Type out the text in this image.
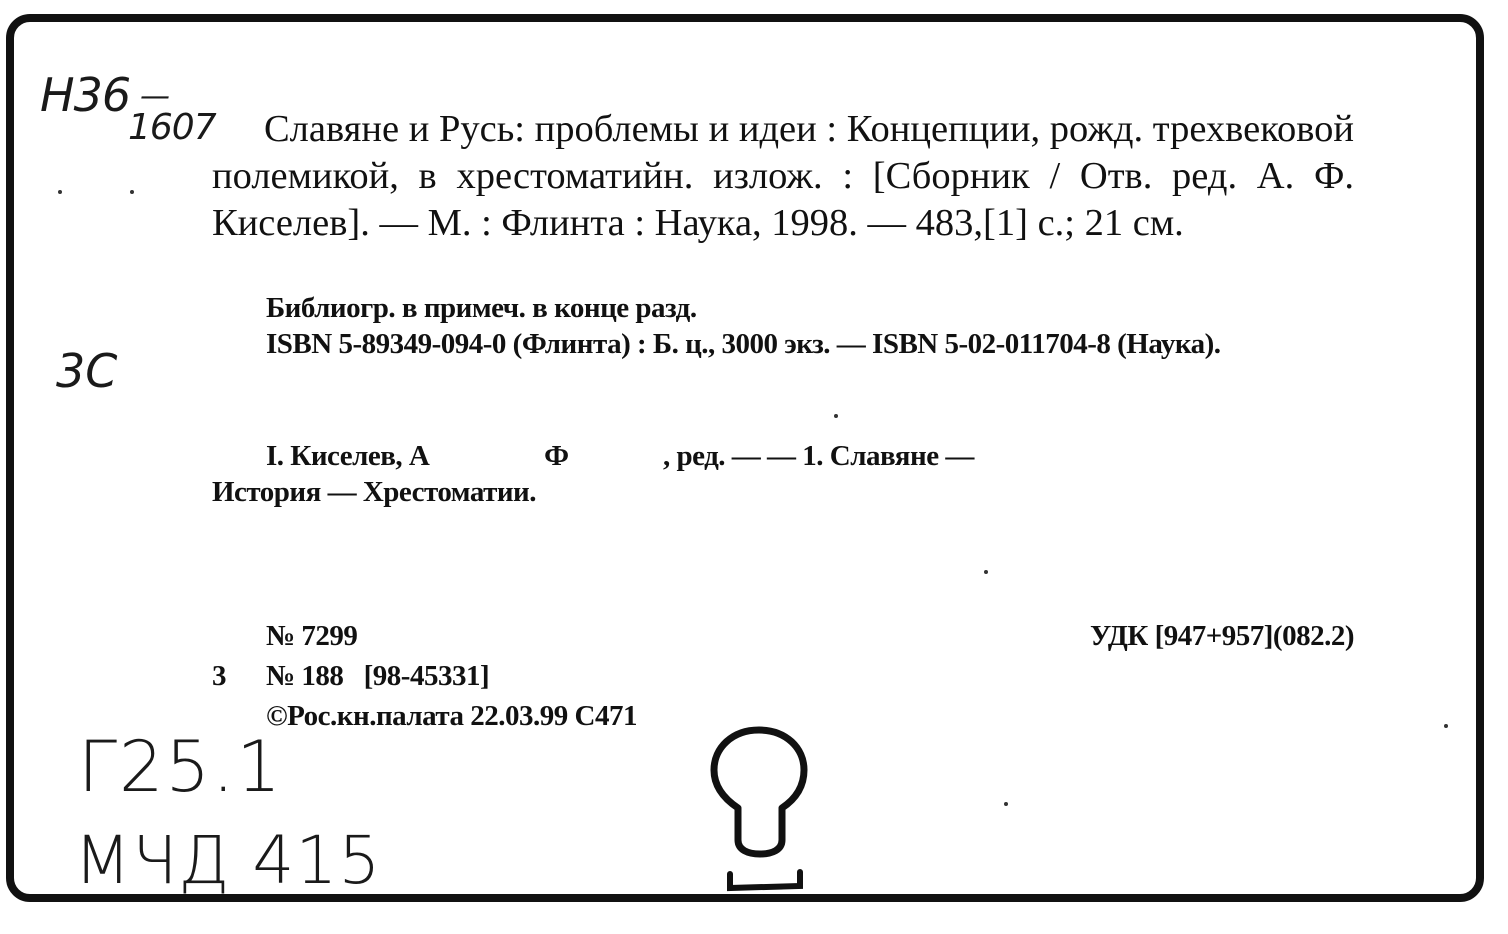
Н36 —
1607
3С
Г25.1
МЧД 415
Славяне и Русь: проблемы и идеи : Концепции, рожд. трехвековой полемикой, в хрестоматийн. излож. : [Сборник / Отв. ред. А. Ф. Киселев]. — М. : Флинта : Наука, 1998. — 483,[1] с.; 21 см.
Библиогр. в примеч. в конце разд.
ISBN 5-89349-094-0 (Флинта) : Б. ц., 3000 экз. — ISBN 5-02-011704-8 (Наука).
I. Киселев, А                 Ф              , ред. — — 1. Славяне —
История — Хрестоматии.
№ 7299	УДК [947+957](082.2)
3 № 188   [98-45331]
©Рос.кн.палата 22.03.99 С471
